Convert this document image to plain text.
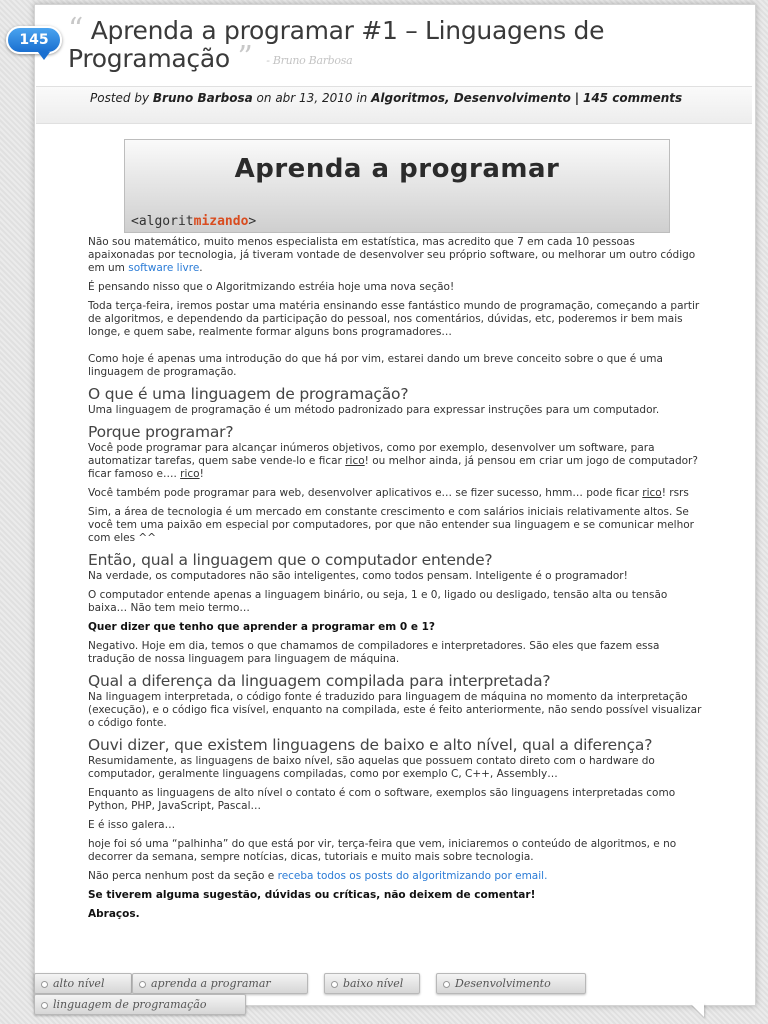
145 “ Aprenda a programar #1 – Linguagens de Programação ” - Bruno Barbosa
Posted by Bruno Barbosa on abr 13, 2010 in Algoritmos, Desenvolvimento | 145 comments
Aprenda a programar
<algoritmizando>

Não sou matemático, muito menos especialista em estatística, mas acredito que 7 em cada 10 pessoas apaixonadas por tecnologia, já tiveram vontade de desenvolver seu próprio software, ou melhorar um outro código em um software livre.

É pensando nisso que o Algoritmizando estréia hoje uma nova seção!

Toda terça-feira, iremos postar uma matéria ensinando esse fantástico mundo de programação, começando a partir de algoritmos, e dependendo da participação do pessoal, nos comentários, dúvidas, etc, poderemos ir bem mais longe, e quem sabe, realmente formar alguns bons programadores…

Como hoje é apenas uma introdução do que há por vim, estarei dando um breve conceito sobre o que é uma linguagem de programação.

O que é uma linguagem de programação?

Uma linguagem de programação é um método padronizado para expressar instruções para um computador.

Porque programar?

Você pode programar para alcançar inúmeros objetivos, como por exemplo, desenvolver um software, para automatizar tarefas, quem sabe vende-lo e ficar rico! ou melhor ainda, já pensou em criar um jogo de computador? ficar famoso e…. rico!

Você também pode programar para web, desenvolver aplicativos e… se fizer sucesso, hmm… pode ficar rico! rsrs

Sim, a área de tecnologia é um mercado em constante crescimento e com salários iniciais relativamente altos. Se você tem uma paixão em especial por computadores, por que não entender sua linguagem e se comunicar melhor com eles ^^

Então, qual a linguagem que o computador entende?

Na verdade, os computadores não são inteligentes, como todos pensam. Inteligente é o programador!

O computador entende apenas a linguagem binário, ou seja, 1 e 0, ligado ou desligado, tensão alta ou tensão baixa… Não tem meio termo…

Quer dizer que tenho que aprender a programar em 0 e 1?

Negativo. Hoje em dia, temos o que chamamos de compiladores e interpretadores. São eles que fazem essa tradução de nossa linguagem para linguagem de máquina.

Qual a diferença da linguagem compilada para interpretada?

Na linguagem interpretada, o código fonte é traduzido para linguagem de máquina no momento da interpretação (execução), e o código fica visível, enquanto na compilada, este é feito anteriormente, não sendo possível visualizar o código fonte.

Ouvi dizer, que existem linguagens de baixo e alto nível, qual a diferença?

Resumidamente, as linguagens de baixo nível, são aquelas que possuem contato direto com o hardware do computador, geralmente linguagens compiladas, como por exemplo C, C++, Assembly…

Enquanto as linguagens de alto nível o contato é com o software, exemplos são linguagens interpretadas como Python, PHP, JavaScript, Pascal…

E é isso galera…

hoje foi só uma “palhinha” do que está por vir, terça-feira que vem, iniciaremos o conteúdo de algoritmos, e no decorrer da semana, sempre notícias, dicas, tutoriais e muito mais sobre tecnologia.

Não perca nenhum post da seção e receba todos os posts do algoritmizando por email.

Se tiverem alguma sugestão, dúvidas ou críticas, não deixem de comentar!

Abraços.

alto nível	aprenda a programar	baixo nível	Desenvolvimento
linguagem de programação
